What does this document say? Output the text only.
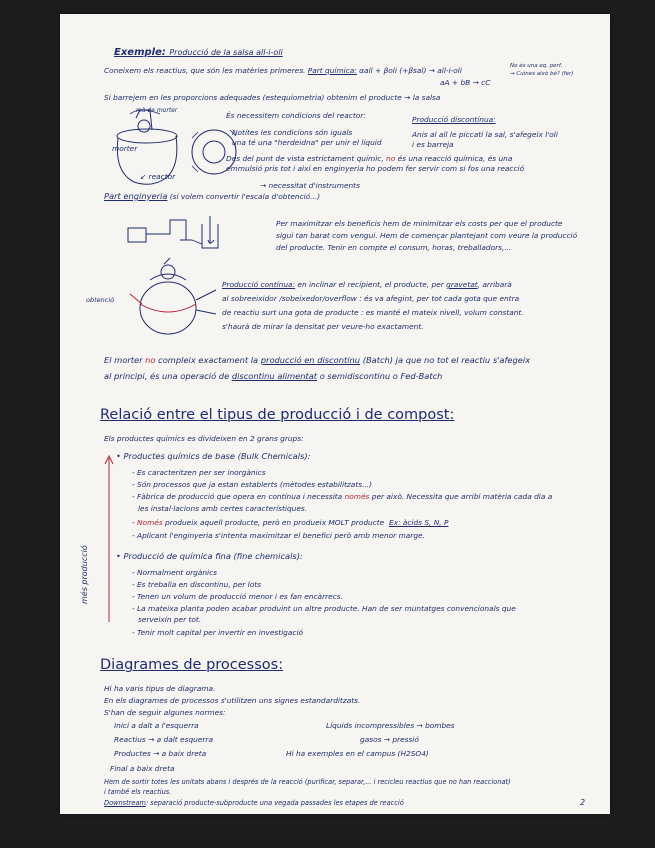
Exemple: Producció de la salsa all-i-oli
Coneixem els reactius, que són les matèries primeres. Part química: αall + βoli (+βsal) → all-i-oli	No és una eq. perf.
→ Cuines això bé? (fer)
aA + bB → cC
Si barrejem en les proporcions adequades (estequiometria) obtenim el producte → la salsa
mà de morter
morter
↙ reactor
És necessitem condicions del reactor:
Notítes les condicions són iguals
una té una "herdeidna" per unir el líquid
Producció discontínua:
Anis al all le piccati la sal, s'afegeix l'oli
i es barreja
Des del punt de vista estrictament químic, no és una reacció química, és una
emmulsió pris tot i així en enginyeria ho podem fer servir com si fos una reacció
→ necessitat d'instruments
Part enginyeria (si volem convertir l'escala d'obtenció...)
Per maximitzar els beneficis hem de minimitzar els costs per que el producte
sigui tan barat com vengui. Hem de començar plantejant com veure la producció
del producte. Tenir en compte el consum, horas, treballadors,...
obtenció
Producció contínua: en inclinar el recipient, el producte, per gravetat, arribarà
al sobreeixidor /sobeixedor/overflow : és va afegint, per tot cada gota que entra
de reactiu surt una gota de producte : es manté el mateix nivell, volum constant.
s'haurà de mirar la densitat per veure-ho exactament.
El morter no compleix exactament la producció en discontinu (Batch) ja que no tot el reactiu s'afegeix
al principi, és una operació de discontinu alimentat o semidiscontinu o Fed-Batch
Relació entre el tipus de producció i de compost:
Els productes químics es divideixen en 2 grans grups:
més producció
• Productes químics de base (Bulk Chemicals):
- Es caracteritzen per ser inorgànics
- Són processos que ja estan establerts (mètodes estabilitzats...)
- Fàbrica de producció que opera en contínua i necessita només per això. Necessita que arribi matèria cada dia a
les instal·lacions amb certes característiques.
- Només produeix aquell producte, però en produeix MOLT producte Ex: àcids S, N, P
- Aplicant l'enginyeria s'intenta maximitzar el benefici però amb menor marge.
• Producció de química fina (fine chemicals):
- Normalment orgànics
- Es treballa en discontínu, per lots
- Tenen un volum de producció menor i es fan encàrrecs.
- La mateixa planta poden acabar produint un altre producte. Han de ser muntatges convencionals que
serveixin per tot.
- Tenir molt capital per invertir en investigació
Diagrames de processos:
Hi ha varis tipus de diagrama.
En els diagrames de processos s'utilitzen uns signes estandarditzats.
S'han de seguir algunes normes:
Inici a dalt a l'esquerra
Reactius → a dalt esquerra
Productes → a baix dreta
Final a baix dreta
Líquids incompressibles → bombes
gasos → pressió
Hi ha exemples en el campus (H2SO4)
Hem de sortir totes les unitats abans i després de la reacció (purificar, separar,... i recicleu reactius que no han reaccionat)
i també els reactius.
Downstream: separació producte-subproducte una vegada passades les etapes de reacció	2
